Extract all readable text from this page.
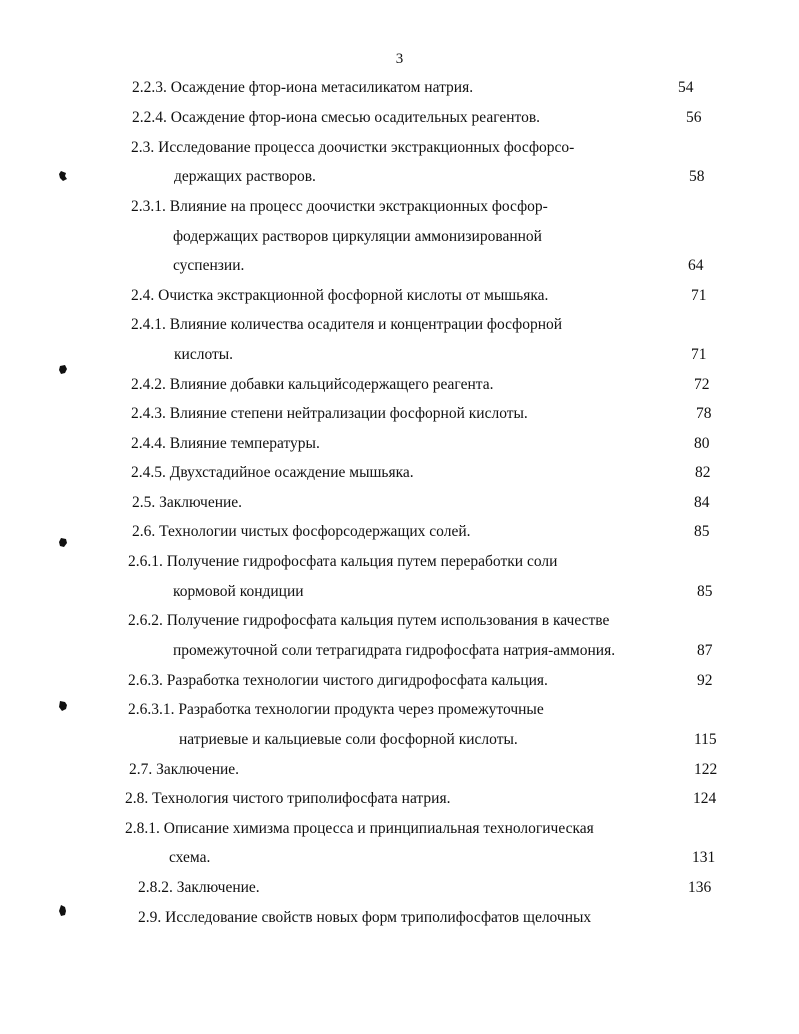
3
2.2.3. Осаждение фтор-иона метасиликатом натрия.
2.2.4. Осаждение фтор-иона смесью осадительных реагентов.
2.3. Исследование процесса доочистки экстракционных фосфорсо-
держащих растворов.
2.3.1. Влияние на процесс доочистки экстракционных фосфор-
фодержащих растворов циркуляции аммонизированной
суспензии.
2.4. Очистка экстракционной фосфорной кислоты от мышьяка.
2.4.1. Влияние количества осадителя и концентрации фосфорной
кислоты.
2.4.2. Влияние добавки кальцийсодержащего реагента.
2.4.3. Влияние степени нейтрализации фосфорной кислоты.
2.4.4. Влияние температуры.
2.4.5. Двухстадийное осаждение мышьяка.
2.5. Заключение.
2.6. Технологии чистых фосфорсодержащих солей.
2.6.1. Получение гидрофосфата кальция путем переработки соли
кормовой кондиции
2.6.2. Получение гидрофосфата кальция путем использования в качестве
промежуточной соли тетрагидрата гидрофосфата натрия-аммония.
2.6.3. Разработка технологии чистого дигидрофосфата кальция.
2.6.3.1. Разработка технологии продукта через промежуточные
натриевые и кальциевые соли фосфорной кислоты.
2.7. Заключение.
2.8. Технология чистого триполифосфата натрия.
2.8.1. Описание химизма процесса и принципиальная технологическая
схема.
2.8.2. Заключение.
2.9. Исследование свойств новых форм триполифосфатов щелочных
54
56
58
64
71
71
72
78
80
82
84
85
85
87
92
115
122
124
131
136
